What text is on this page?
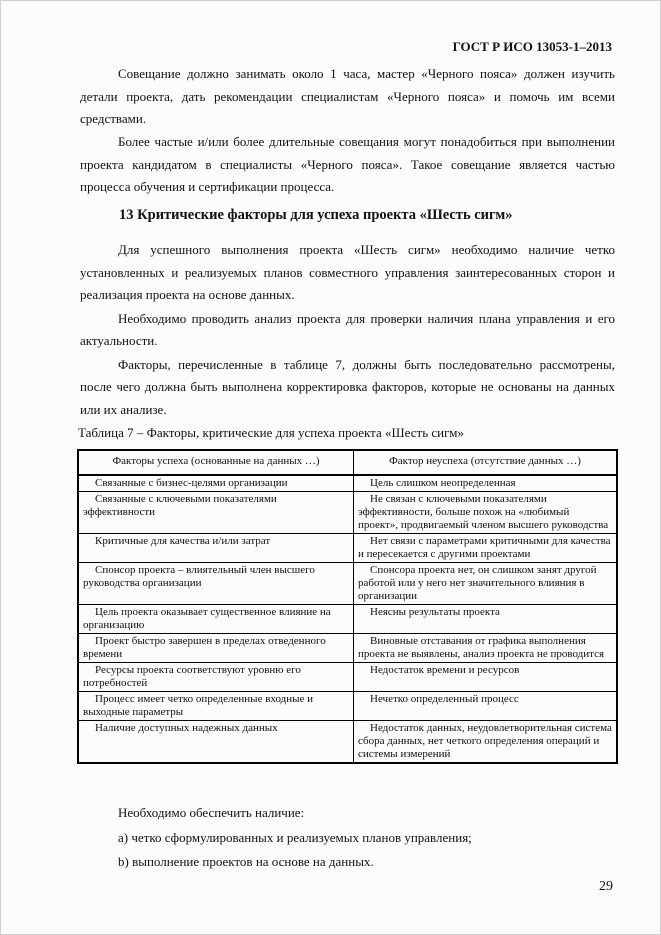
ГОСТ Р ИСО 13053-1–2013

Совещание должно занимать около 1 часа, мастер «Черного пояса» должен изучить детали проекта, дать рекомендации специалистам «Черного пояса» и помочь им всеми средствами.

Более частые и/или более длительные совещания могут понадобиться при выполнении проекта кандидатом в специалисты «Черного пояса». Такое совещание является частью процесса обучения и сертификации процесса.

13 Критические факторы для успеха проекта «Шесть сигм»

Для успешного выполнения проекта «Шесть сигм» необходимо наличие четко установленных и реализуемых планов совместного управления заинтересованных сторон и реализация проекта на основе данных.

Необходимо проводить анализ проекта для проверки наличия плана управления и его актуальности.

Факторы, перечисленные в таблице 7, должны быть последовательно рассмотрены, после чего должна быть выполнена корректировка факторов, которые не основаны на данных или их анализе.

Таблица 7 – Факторы, критические для успеха проекта «Шесть сигм»
Факторы успеха (основанные на данных …)	Фактор неуспеха (отсутствие данных …)
Связанные с бизнес-целями организации	Цель слишком неопределенная
Связанные с ключевыми показателями эффективности	Не связан с ключевыми показателями эффективности, больше похож на «любимый проект», продвигаемый членом высшего руководства
Критичные для качества и/или затрат	Нет связи с параметрами критичными для качества и пересекается с другими проектами
Спонсор проекта – влиятельный член высшего руководства организации	Спонсора проекта нет, он слишком занят другой работой или у него нет значительного влияния в организации
Цель проекта оказывает существенное влияние на организацию	Неясны результаты проекта
Проект быстро завершен в пределах отведенного времени	Виновные отставания от графика выполнения проекта не выявлены, анализ проекта не проводится
Ресурсы проекта соответствуют уровню его потребностей	Недостаток времени и ресурсов
Процесс имеет четко определенные входные и выходные параметры	Нечетко определенный процесс
Наличие доступных надежных данных	Недостаток данных, неудовлетворительная система сбора данных, нет четкого определения операций и системы измерений

Необходимо обеспечить наличие:

a) четко сформулированных и реализуемых планов управления;

b) выполнение проектов на основе на данных.

29
